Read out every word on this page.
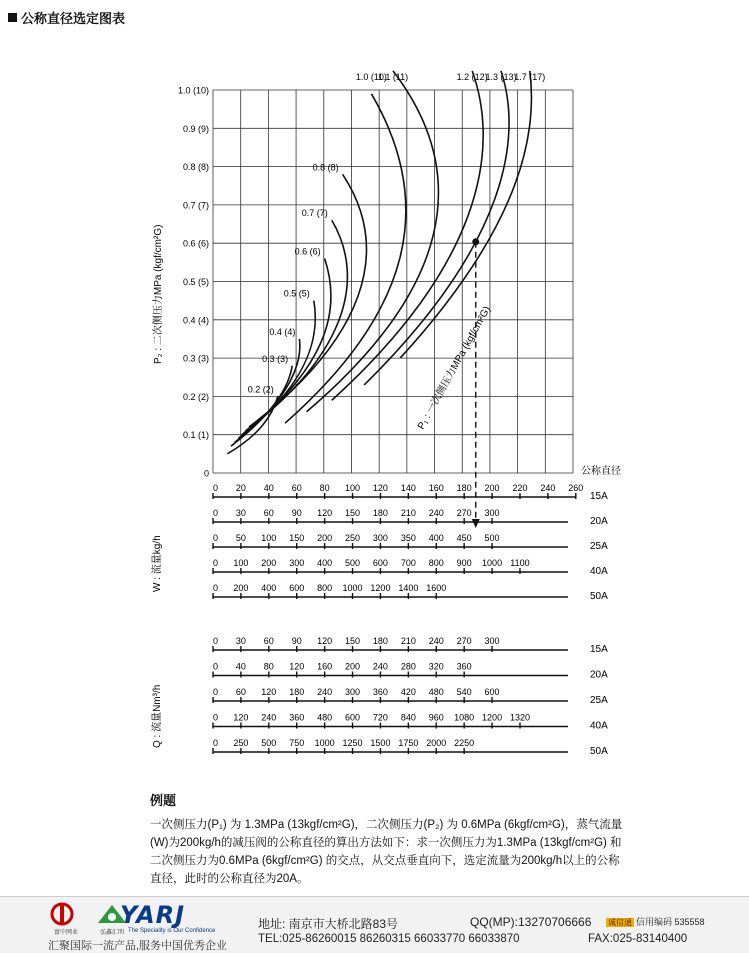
公称直径选定图表
0
0.1 (1)
0.2 (2)
0.3 (3)
0.4 (4)
0.5 (5)
0.6 (6)
0.7 (7)
0.8 (8)
0.9 (9)
1.0 (10)
0.2 (2)
0.3 (3)
0.4 (4)
0.5 (5)
0.6 (6)
0.7 (7)
0.8 (8)
1.0 (10)
1.1 (11)	1.2 (12)
1.3 (13)
1.7 (17)
0 20 40 60 80 100 120 140 160 180 200 220 240 260
15A
0 30 60 90 120 150 180 210 240 270 300
20A
0 50 100 150 200 250 300 350 400 450 500
25A
0 100 200 300 400 500 600 700 800 900 1000 1100
40A
0 200 400 600 800 1000 1200 1400 1600
50A
0 30 60 90 120 150 180 210 240 270 300
15A
0 40 80 120 160 200 240 280 320 360
20A
0 60 120 180 240 300 360 420 480 540 600
25A
0 120 240 360 480 600 720 840 960 1080 1200 1320
40A
0 250 500 750 1000 1250 1500 1750 2000 2250
50A
P₂ : 二次侧压力MPa (kgf/cm²G)
公称直径
P₁ : 一次侧压力MPa (kgf/cm²G)
W : 流量kg/h
Q : 流量Nm³/h
例题

一次侧压力(P₁) 为 1.3MPa (13kgf/cm²G)，二次侧压力(P₂) 为 0.6MPa (6kgf/cm²G)，蒸气流量(W)为200kg/h的减压阀的公称直径的算出方法如下：求一次侧压力为1.3MPa (13kgf/cm²G) 和二次侧压力为0.6MPa (6kgf/cm²G) 的交点，从交点垂直向下，选定流量为200kg/h以上的公称直径，此时的公称直径为20A。

富中网业	弘鑫汇明
YARJ
The Speciality is Our Confidence
汇聚国际一流产品,服务中国优秀企业
地址: 南京市大桥北路83号	QQ(MP):13270706666 诚信通 信用编码 535558
TEL:025-86260015 86260315 66033770 66033870	FAX:025-83140400
